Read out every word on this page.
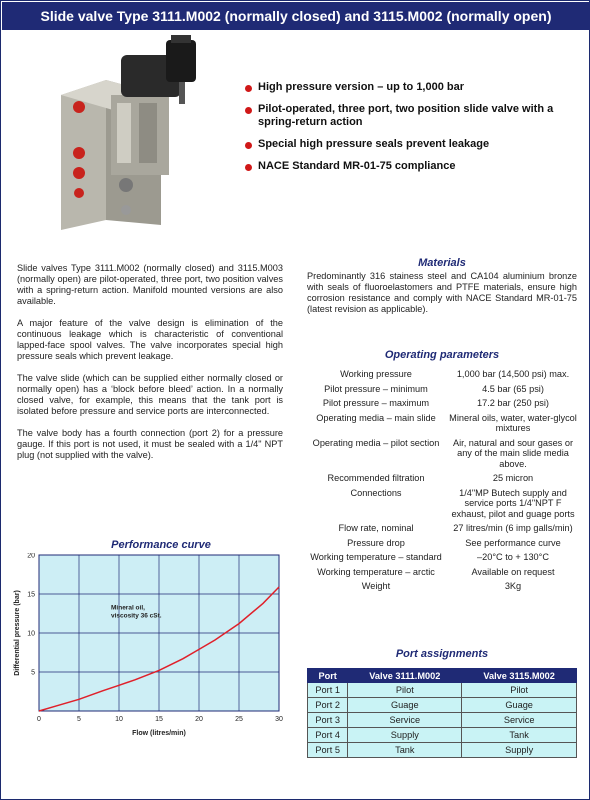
Slide valve Type 3111.M002 (normally closed) and 3115.M002 (normally open)
High pressure version – up to 1,000 bar
Pilot-operated, three port, two position slide valve with a spring-return action
Special high pressure seals prevent leakage
NACE Standard MR-01-75 compliance

Slide valves Type 3111.M002 (normally closed) and 3115.M003 (normally open) are pilot-operated, three port, two position valves with a spring-return action. Manifold mounted versions are also available.

A major feature of the valve design is elimination of the continuous leakage which is characteristic of conventional lapped-face spool valves. The valve incorporates special high pressure seals which prevent leakage.

The valve slide (which can be supplied either normally closed or normally open) has a ‘block before bleed’ action. In a normally closed valve, for example, this means that the tank port is isolated before pressure and service ports are interconnected.

The valve body has a fourth connection (port 2) for a pressure gauge. If this port is not used, it must be sealed with a 1/4" NPT plug (not supplied with the valve).

Materials

Predominantly 316 stainess steel and CA104 aluminium bronze with seals of fluoroelastomers and PTFE materials, ensure high corrosion resistance and comply with NACE Standard MR-01-75 (latest revision as applicable).

Operating parameters
Working pressure	1,000 bar (14,500 psi) max.
Pilot pressure – minimum	4.5 bar (65 psi)
Pilot pressure – maximum	17.2 bar (250 psi)
Operating media – main slide	Mineral oils, water, water-glycol mixtures
Operating media – pilot section	Air, natural and sour gases or any of the main slide media above.
Recommended filtration	25 micron
Connections	1/4"MP Butech supply and service ports 1/4"NPT F exhaust, pilot and guage ports
Flow rate, nominal	27 litres/min (6 imp galls/min)
Pressure drop	See performance curve
Working temperature – standard	–20°C to + 130°C
Working temperature – arctic	Available on request
Weight	3Kg
Port assignments
Port	Valve 3111.M002	Valve 3115.M002
Port 1	Pilot	Pilot
Port 2	Guage	Guage
Port 3	Service	Service
Port 4	Supply	Tank
Port 5	Tank	Supply
Performance curve
0	5	10	15	20	25	30
5
10
15
20
Mineral oil,
viscosity 36 cSt.
Flow (litres/min)
Differential pressure (bar)
